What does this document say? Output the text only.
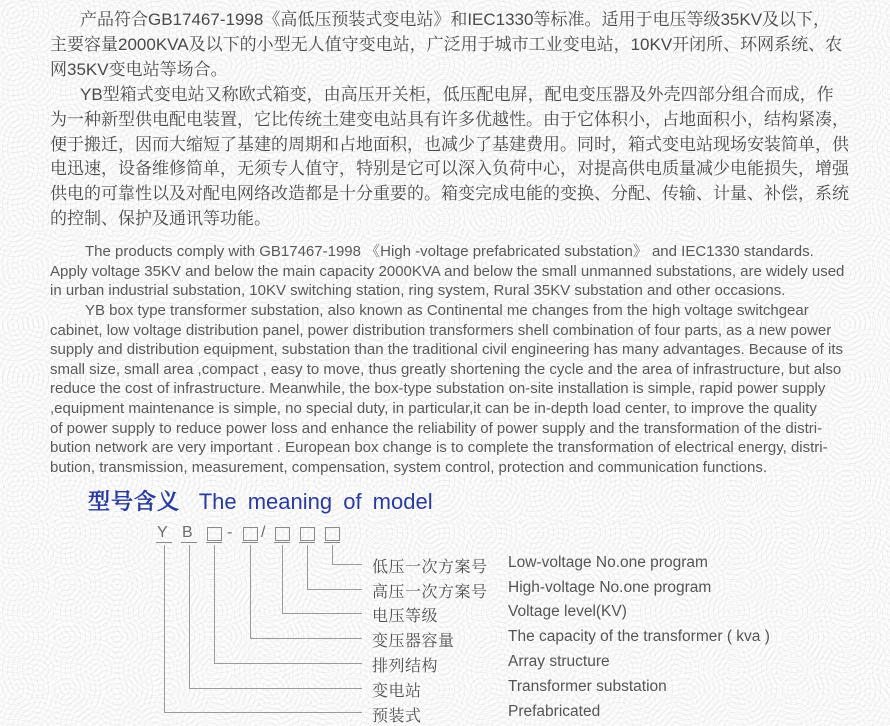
产品符合GB17467-1998《高低压预装式变电站》和IEC1330等标准。适用于电压等级35KV及以下，
主要容量2000KVA及以下的小型无人值守变电站，广泛用于城市工业变电站，10KV开闭所、环网系统、农
网35KV变电站等场合。
YB型箱式变电站又称欧式箱变，由高压开关柜，低压配电屏，配电变压器及外壳四部分组合而成，作
为一种新型供电配电装置，它比传统土建变电站具有许多优越性。由于它体积小，占地面积小，结构紧凑，
便于搬迁，因而大缩短了基建的周期和占地面积，也减少了基建费用。同时，箱式变电站现场安装简单，供
电迅速，设备维修简单，无须专人值守，特别是它可以深入负荷中心，对提高供电质量减少电能损失，增强
供电的可靠性以及对配电网络改造都是十分重要的。箱变完成电能的变换、分配、传输、计量、补偿，系统
的控制、保护及通讯等功能。
The products comply with GB17467-1998 《High -voltage prefabricated substation》 and IEC1330 standards.
Apply voltage 35KV and below the main capacity 2000KVA and below the small unmanned substations, are widely used
in urban industrial substation, 10KV switching station, ring system, Rural 35KV substation and other occasions.
YB box type transformer substation, also known as Continental me changes from the high voltage switchgear
cabinet, low voltage distribution panel, power distribution transformers shell combination of four parts, as a new power
supply and distribution equipment, substation than the traditional civil engineering has many advantages. Because of its
small size, small area ,compact , easy to move, thus greatly shortening the cycle and the area of infrastructure, but also
reduce the cost of infrastructure. Meanwhile, the box-type substation on-site installation is simple, rapid power supply
,equipment maintenance is simple, no special duty, in particular,it can be in-depth load center, to improve the quality
of power supply to reduce power loss and enhance the reliability of power supply and the transformation of the distri-
bution network are very important . European box change is to complete the transformation of electrical energy, distri-
bution, transmission, measurement, compensation, system control, protection and communication functions.
型号含义 The meaning of model
Y B - /
低压一次方案号 Low-voltage No.one program
高压一次方案号 High-voltage No.one program
电压等级	Voltage level(KV)
变压器容量	The capacity of the transformer ( kva )
排列结构	Array structure
变电站	Transformer substation
预装式	Prefabricated
